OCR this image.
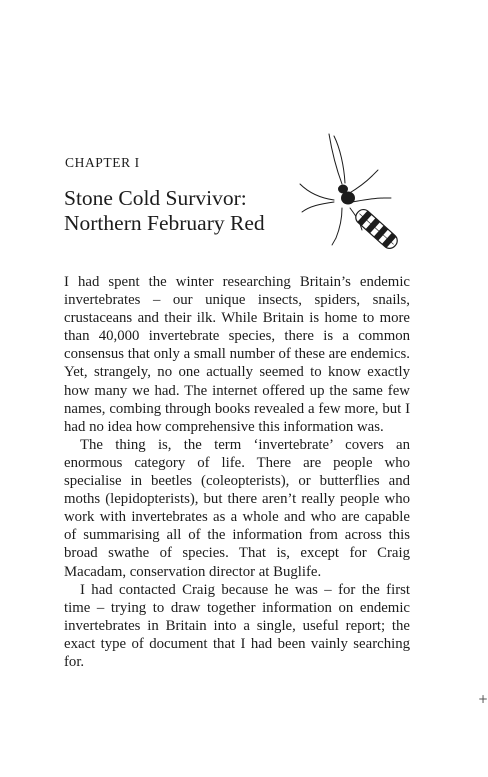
CHAPTER I
Stone Cold Survivor:
Northern February Red

I had spent the winter researching Britain’s endemic invertebrates – our unique insects, spiders, snails, crustaceans and their ilk. While Britain is home to more than 40,000 invertebrate species, there is a common consensus that only a small number of these are endemics. Yet, strangely, no one actually seemed to know exactly how many we had. The internet offered up the same few names, combing through books revealed a few more, but I had no idea how comprehensive this information was.

The thing is, the term ‘invertebrate’ covers an enormous category of life. There are people who specialise in beetles (coleopterists), or butterflies and moths (lepidopterists), but there aren’t really people who work with invertebrates as a whole and who are capable of summarising all of the information from across this broad swathe of species. That is, except for Craig Macadam, conservation director at Buglife.

I had contacted Craig because he was – for the first time – trying to draw together information on endemic invertebrates in Britain into a single, useful report; the exact type of document that I had been vainly searching for.

+
